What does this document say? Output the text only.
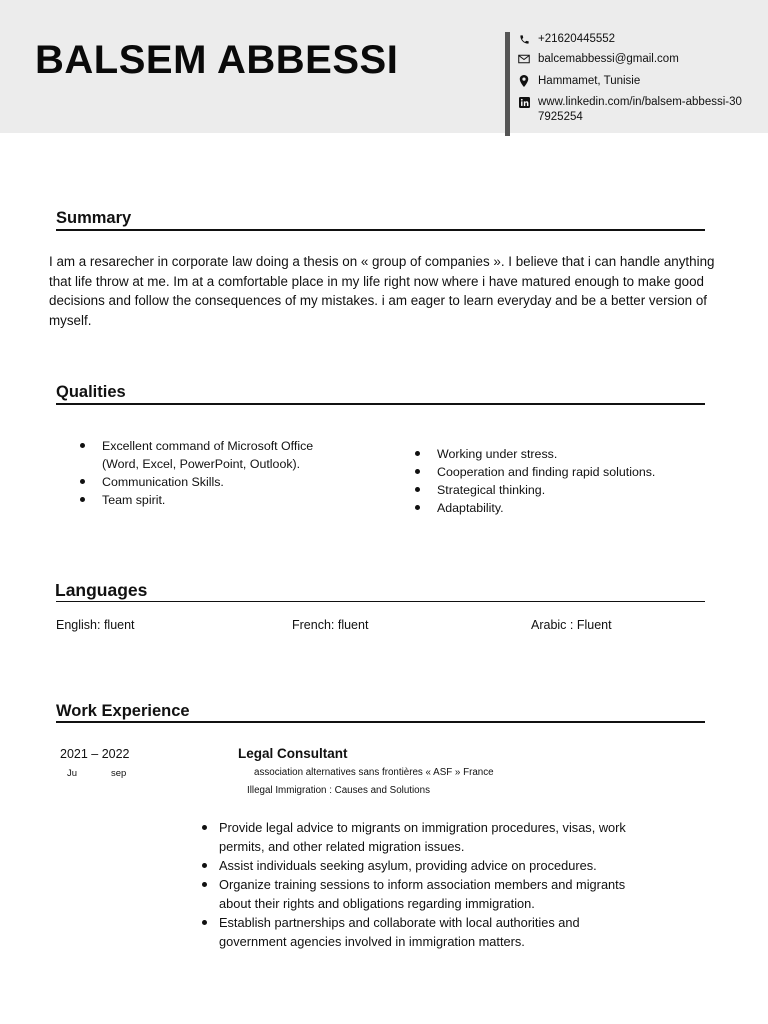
BALSEM ABBESSI	+21620445552
balcemabbessi@gmail.com
Hammamet, Tunisie
www.linkedin.com/in/balsem-abbessi-307925254
Summary

I am a resarecher in corporate law doing a thesis on « group of companies ». I believe that i can handle anything that life throw at me. Im at a comfortable place in my life right now where i have matured enough to make good decisions and follow the consequences of my mistakes. i am eager to learn everyday and be a better version of myself.

Qualities
Excellent command of Microsoft Office (Word, Excel, PowerPoint, Outlook).
Communication Skills.
Team spirit.
Working under stress.
Cooperation and finding rapid solutions.
Strategical thinking.
Adaptability.
Languages
English: fluent	French: fluent	Arabic : Fluent
Work Experience
2021 – 2022
Ju	sep
Legal Consultant
association alternatives sans frontières « ASF » France
Illegal Immigration : Causes and Solutions
Provide legal advice to migrants on immigration procedures, visas, work permits, and other related migration issues.
Assist individuals seeking asylum, providing advice on procedures.
Organize training sessions to inform association members and migrants about their rights and obligations regarding immigration.
Establish partnerships and collaborate with local authorities and government agencies involved in immigration matters.
